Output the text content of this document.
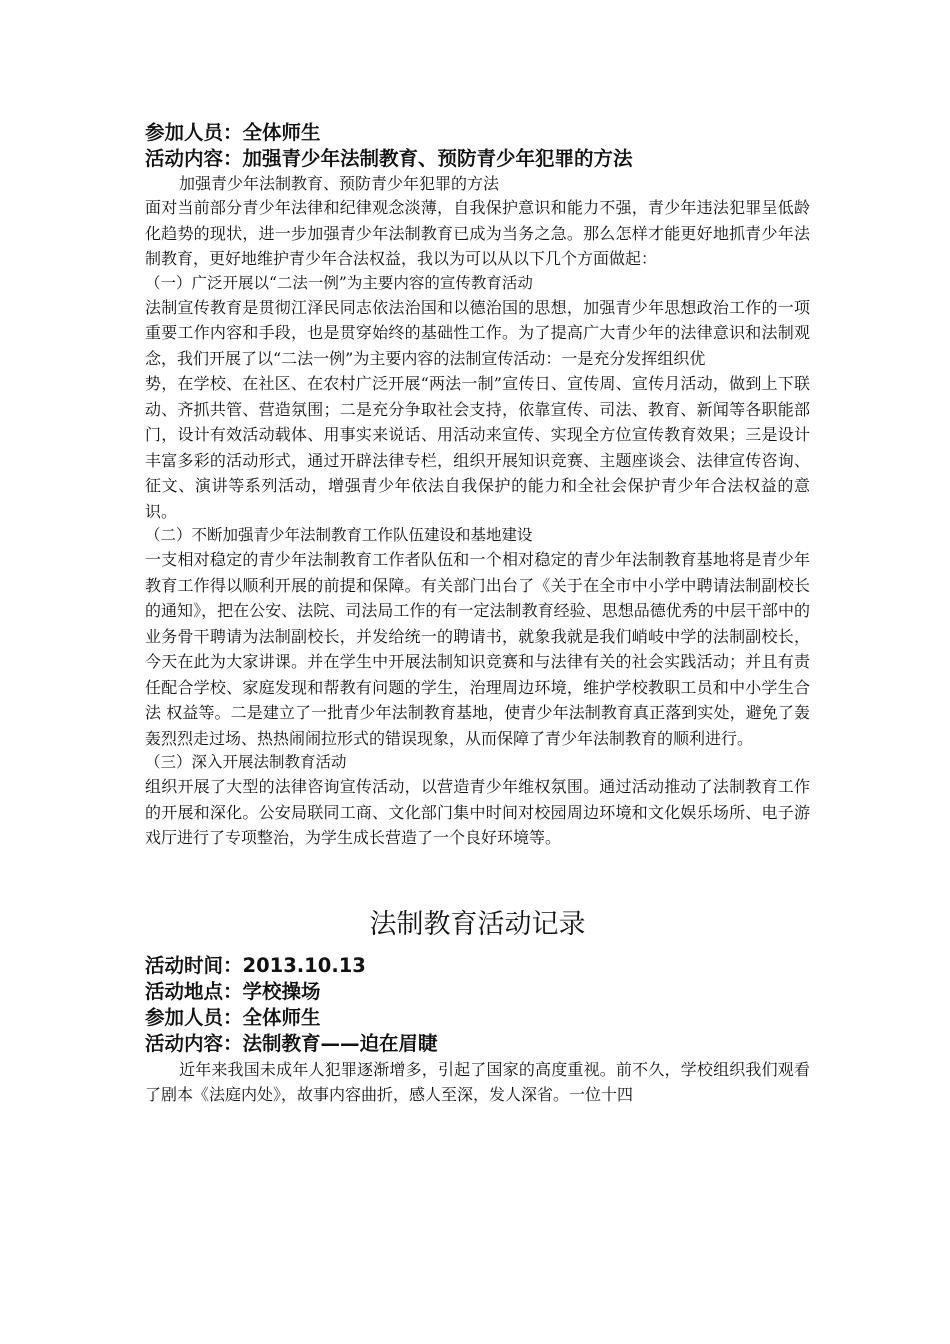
参加人员：全体师生
活动内容：加强青少年法制教育、预防青少年犯罪的方法
加强青少年法制教育、预防青少年犯罪的方法

面对当前部分青少年法律和纪律观念淡薄，自我保护意识和能力不强，青少年违法犯罪呈低龄化趋势的现状，进一步加强青少年法制教育已成为当务之急。那么怎样才能更好地抓青少年法制教育，更好地维护青少年合法权益，我以为可以从以下几个方面做起：

（一）广泛开展以“二法一例”为主要内容的宣传教育活动

法制宣传教育是贯彻江泽民同志依法治国和以德治国的思想，加强青少年思想政治工作的一项重要工作内容和手段，也是贯穿始终的基础性工作。为了提高广大青少年的法律意识和法制观念，我们开展了以“二法一例”为主要内容的法制宣传活动：一是充分发挥组织优

势，在学校、在社区、在农村广泛开展“两法一制”宣传日、宣传周、宣传月活动，做到上下联动、齐抓共管、营造氛围；二是充分争取社会支持，依靠宣传、司法、教育、新闻等各职能部门，设计有效活动载体、用事实来说话、用活动来宣传、实现全方位宣传教育效果；三是设计丰富多彩的活动形式，通过开辟法律专栏，组织开展知识竞赛、主题座谈会、法律宣传咨询、征文、演讲等系列活动，增强青少年依法自我保护的能力和全社会保护青少年合法权益的意识。

（二）不断加强青少年法制教育工作队伍建设和基地建设

一支相对稳定的青少年法制教育工作者队伍和一个相对稳定的青少年法制教育基地将是青少年教育工作得以顺利开展的前提和保障。有关部门出台了《关于在全市中小学中聘请法制副校长的通知》，把在公安、法院、司法局工作的有一定法制教育经验、思想品德优秀的中层干部中的业务骨干聘请为法制副校长，并发给统一的聘请书，就象我就是我们峭岐中学的法制副校长，今天在此为大家讲课。并在学生中开展法制知识竞赛和与法律有关的社会实践活动；并且有责任配合学校、家庭发现和帮教有问题的学生，治理周边环境，维护学校教职工员和中小学生合法 权益等。二是建立了一批青少年法制教育基地，使青少年法制教育真正落到实处，避免了轰轰烈烈走过场、热热闹闹拉形式的错误现象，从而保障了青少年法制教育的顺利进行。

（三）深入开展法制教育活动

组织开展了大型的法律咨询宣传活动，以营造青少年维权氛围。通过活动推动了法制教育工作的开展和深化。公安局联同工商、文化部门集中时间对校园周边环境和文化娱乐场所、电子游戏厅进行了专项整治，为学生成长营造了一个良好环境等。

法制教育活动记录
活动时间：2013.10.13
活动地点：学校操场
参加人员：全体师生
活动内容：法制教育——迫在眉睫

近年来我国未成年人犯罪逐渐增多，引起了国家的高度重视。前不久，学校组织我们观看了剧本《法庭内处》，故事内容曲折，感人至深，发人深省。一位十四
